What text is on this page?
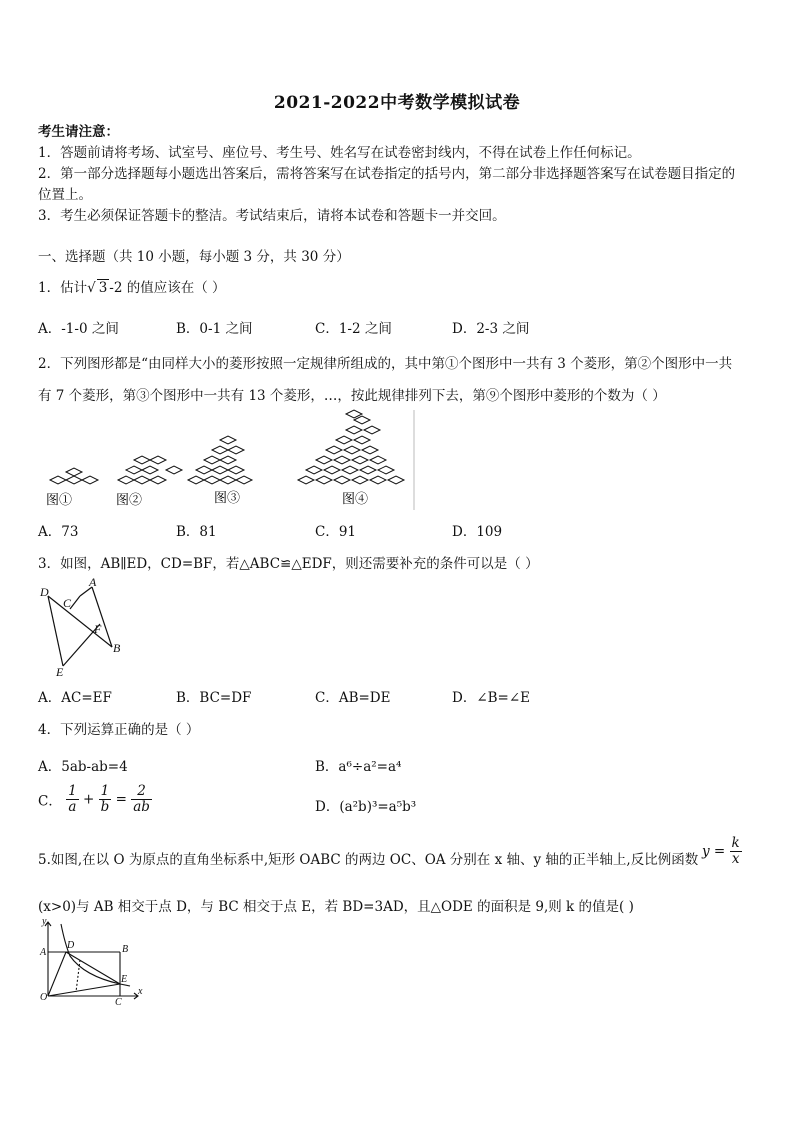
2021-2022中考数学模拟试卷
考生请注意：
1．答题前请将考场、试室号、座位号、考生号、姓名写在试卷密封线内，不得在试卷上作任何标记。
2．第一部分选择题每小题选出答案后，需将答案写在试卷指定的括号内，第二部分非选择题答案写在试卷题目指定的
位置上。
3．考生必须保证答题卡的整洁。考试结束后，请将本试卷和答题卡一并交回。
一、选择题（共 10 小题，每小题 3 分，共 30 分）
1．估计√ 3 -2 的值应该在（ ）
A．-1-0 之间	B．0-1 之间	C．1-2 之间	D．2-3 之间
2．下列图形都是“由同样大小的菱形按照一定规律所组成的，其中第①个图形中一共有 3 个菱形，第②个图形中一共
有 7 个菱形，第③个图形中一共有 13 个菱形，…，按此规律排列下去，第⑨个图形中菱形的个数为（ ）
图①	图②	图③	图④
A．73	B．81	C．91	D．109
3．如图，AB∥ED，CD=BF，若△ABC≌△EDF，则还需要补充的条件可以是（ ）
D
A
C
F
B
E
A．AC=EF	B．BC=DF	C．AB=DE	D．∠B=∠E
4．下列运算正确的是（ ）
A．5ab-ab=4	B．a⁶÷a²=a⁴
C． $\frac{1}{a} + \frac{1}{b} = \frac{2}{ab}$	D．(a²b)³=a⁵b³
5.如图,在以 O 为原点的直角坐标系中,矩形 OABC 的两边 OC、OA 分别在 x 轴、y 轴的正半轴上,反比例函数
$y = \frac{k}{x}$
(x>0)与 AB 相交于点 D，与 BC 相交于点 E，若 BD=3AD，且△ODE 的面积是 9,则 k 的值是( )
y
x
O
A	B
C
D
E
